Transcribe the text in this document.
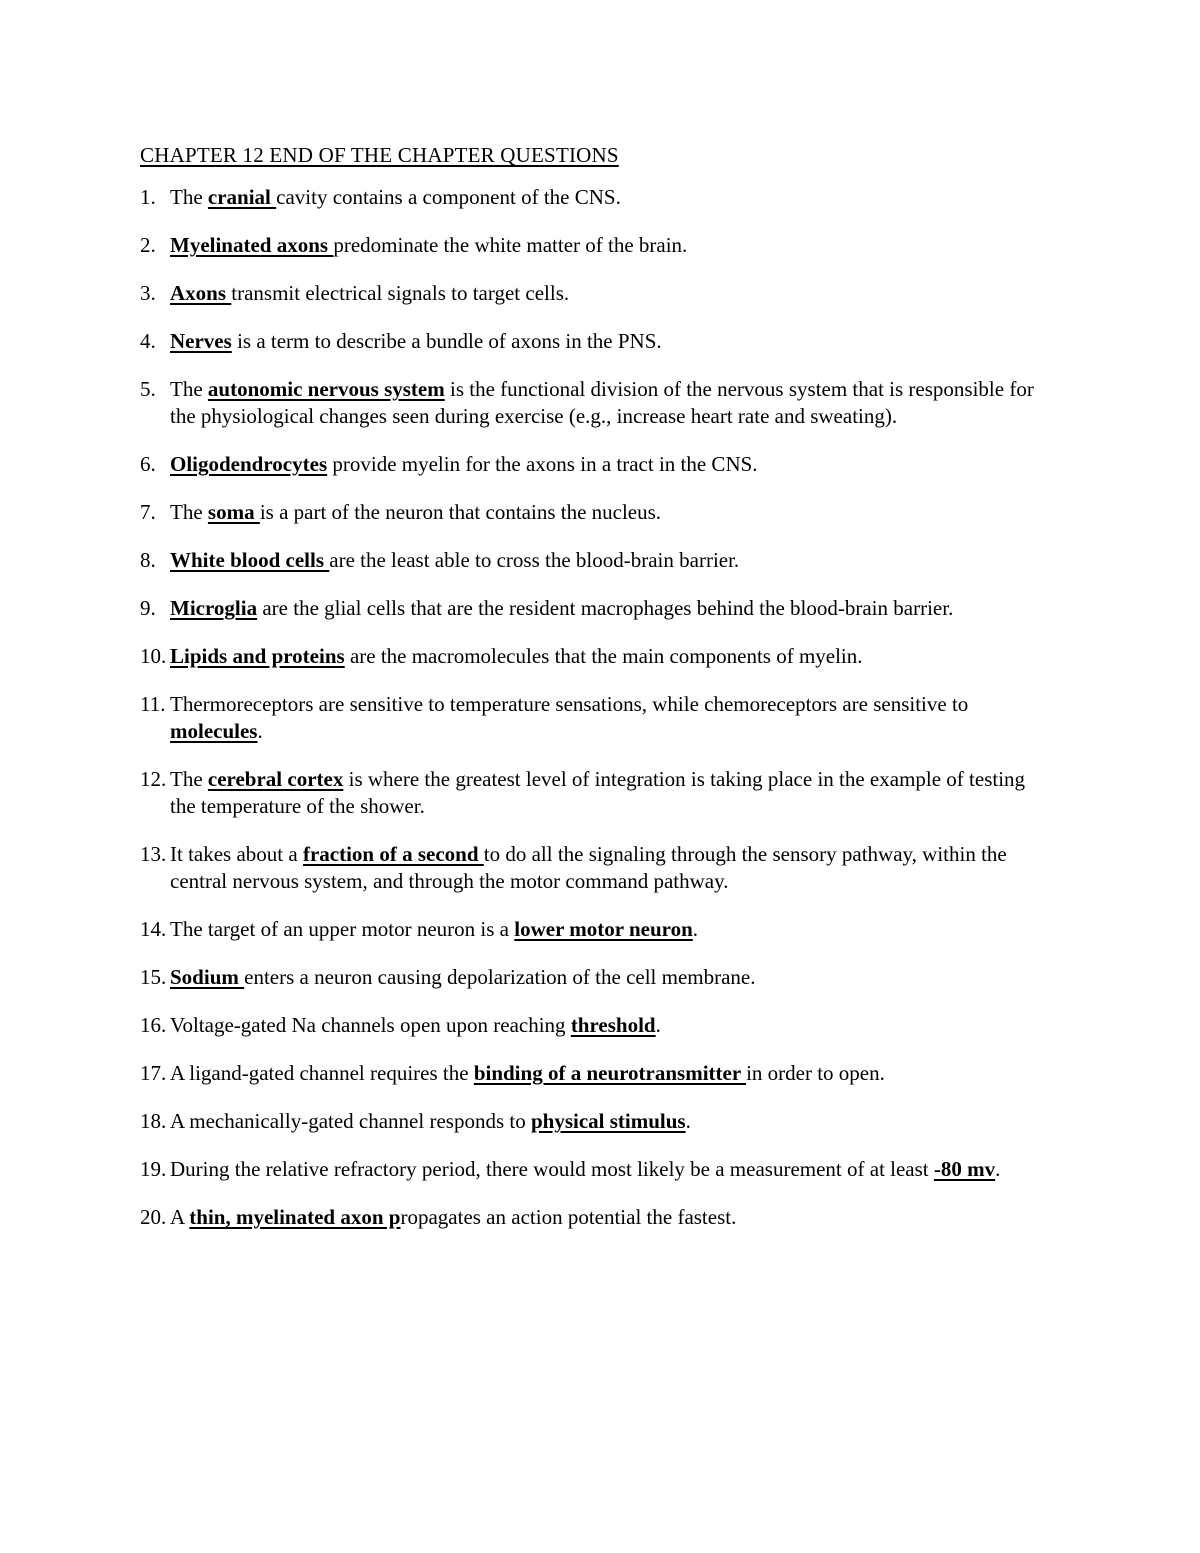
CHAPTER 12 END OF THE CHAPTER QUESTIONS
1. The cranial cavity contains a component of the CNS.
2. Myelinated axons predominate the white matter of the brain.
3. Axons transmit electrical signals to target cells.
4. Nerves is a term to describe a bundle of axons in the PNS.
5. The autonomic nervous system is the functional division of the nervous system that is responsible for the physiological changes seen during exercise (e.g., increase heart rate and sweating).
6. Oligodendrocytes provide myelin for the axons in a tract in the CNS.
7. The soma is a part of the neuron that contains the nucleus.
8. White blood cells are the least able to cross the blood-brain barrier.
9. Microglia are the glial cells that are the resident macrophages behind the blood-brain barrier.
10. Lipids and proteins are the macromolecules that the main components of myelin.
11. Thermoreceptors are sensitive to temperature sensations, while chemoreceptors are sensitive to molecules.
12. The cerebral cortex is where the greatest level of integration is taking place in the example of testing the temperature of the shower.
13. It takes about a fraction of a second to do all the signaling through the sensory pathway, within the central nervous system, and through the motor command pathway.
14. The target of an upper motor neuron is a lower motor neuron.
15. Sodium enters a neuron causing depolarization of the cell membrane.
16. Voltage-gated Na channels open upon reaching threshold.
17. A ligand-gated channel requires the binding of a neurotransmitter in order to open.
18. A mechanically-gated channel responds to physical stimulus.
19. During the relative refractory period, there would most likely be a measurement of at least -80 mv.
20. A thin, myelinated axon propagates an action potential the fastest.
